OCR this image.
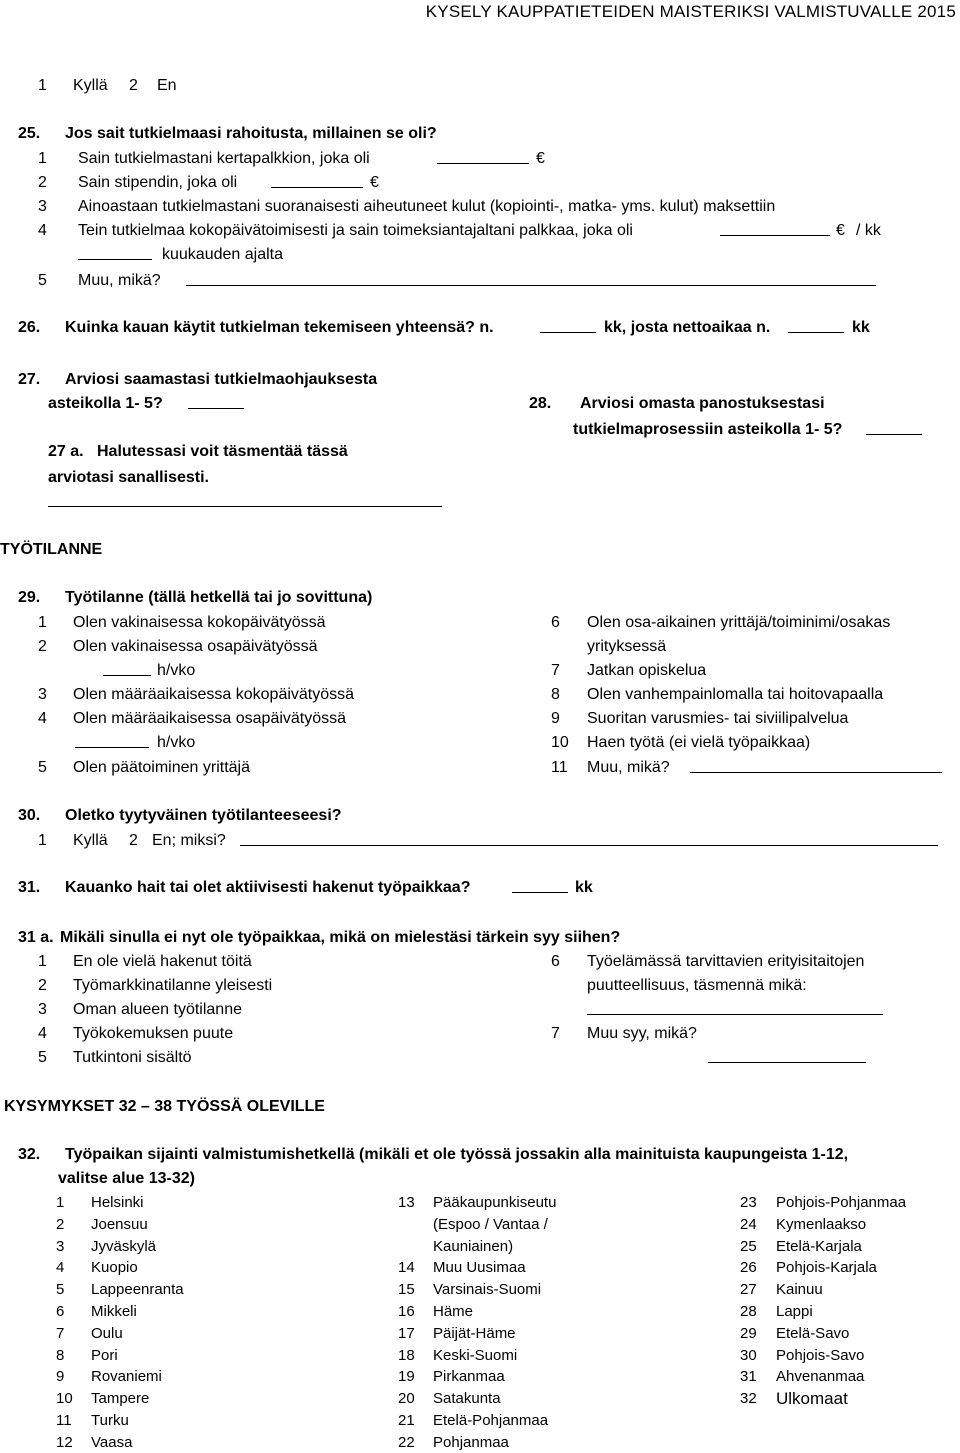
KYSELY KAUPPATIETEIDEN MAISTERIKSI VALMISTUVALLE 2015
1 Kyllä 2 En
25. Jos sait tutkielmaasi rahoitusta, millainen se oli?
1 Sain tutkielmastani kertapalkkion, joka oli	€
2 Sain stipendin, joka oli	€
3 Ainoastaan tutkielmastani suoranaisesti aiheutuneet kulut (kopiointi-, matka- yms. kulut) maksettiin
4 Tein tutkielmaa kokopäivätoimisesti ja sain toimeksiantajaltani palkkaa, joka oli	€ / kk
kuukauden ajalta
5 Muu, mikä?
26. Kuinka kauan käytit tutkielman tekemiseen yhteensä? n.	kk, josta nettoaikaa n.	kk
27. Arviosi saamastasi tutkielmaohjauksesta
asteikolla 1- 5?
27 a. Halutessasi voit täsmentää tässä
arviotasi sanallisesti.
28. Arviosi omasta panostuksestasi
tutkielmaprosessiin asteikolla 1- 5?
TYÖTILANNE
29. Työtilanne (tällä hetkellä tai jo sovittuna)
1 Olen vakinaisessa kokopäivätyössä
2 Olen vakinaisessa osapäivätyössä
h/vko
3 Olen määräaikaisessa kokopäivätyössä
4 Olen määräaikaisessa osapäivätyössä
h/vko
5 Olen päätoiminen yrittäjä
6 Olen osa-aikainen yrittäjä/toiminimi/osakas
yrityksessä
7 Jatkan opiskelua
8 Olen vanhempainlomalla tai hoitovapaalla
9 Suoritan varusmies- tai siviilipalvelua
10 Haen työtä (ei vielä työpaikkaa)
11 Muu, mikä?
30. Oletko tyytyväinen työtilanteeseesi?
1 Kyllä 2 En; miksi?
31. Kauanko hait tai olet aktiivisesti hakenut työpaikkaa?	kk
31 a. Mikäli sinulla ei nyt ole työpaikkaa, mikä on mielestäsi tärkein syy siihen?
1 En ole vielä hakenut töitä
2 Työmarkkinatilanne yleisesti
3 Oman alueen työtilanne
4 Työkokemuksen puute
5 Tutkintoni sisältö
6 Työelämässä tarvittavien erityisitaitojen
puutteellisuus, täsmennä mikä:
7 Muu syy, mikä?
KYSYMYKSET 32 – 38 TYÖSSÄ OLEVILLE
32. Työpaikan sijainti valmistumishetkellä (mikäli et ole työssä jossakin alla mainituista kaupungeista 1-12,
valitse alue 13-32)
1 Helsinki
2 Joensuu
3 Jyväskylä
4 Kuopio
5 Lappeenranta
6 Mikkeli
7 Oulu
8 Pori
9 Rovaniemi
10 Tampere
11 Turku
12 Vaasa
13 Pääkaupunkiseutu
(Espoo / Vantaa /
Kauniainen)
14 Muu Uusimaa
15 Varsinais-Suomi
16 Häme
17 Päijät-Häme
18 Keski-Suomi
19 Pirkanmaa
20 Satakunta
21 Etelä-Pohjanmaa
22 Pohjanmaa
23 Pohjois-Pohjanmaa
24 Kymenlaakso
25 Etelä-Karjala
26 Pohjois-Karjala
27 Kainuu
28 Lappi
29 Etelä-Savo
30 Pohjois-Savo
31 Ahvenanmaa
32 Ulkomaat
